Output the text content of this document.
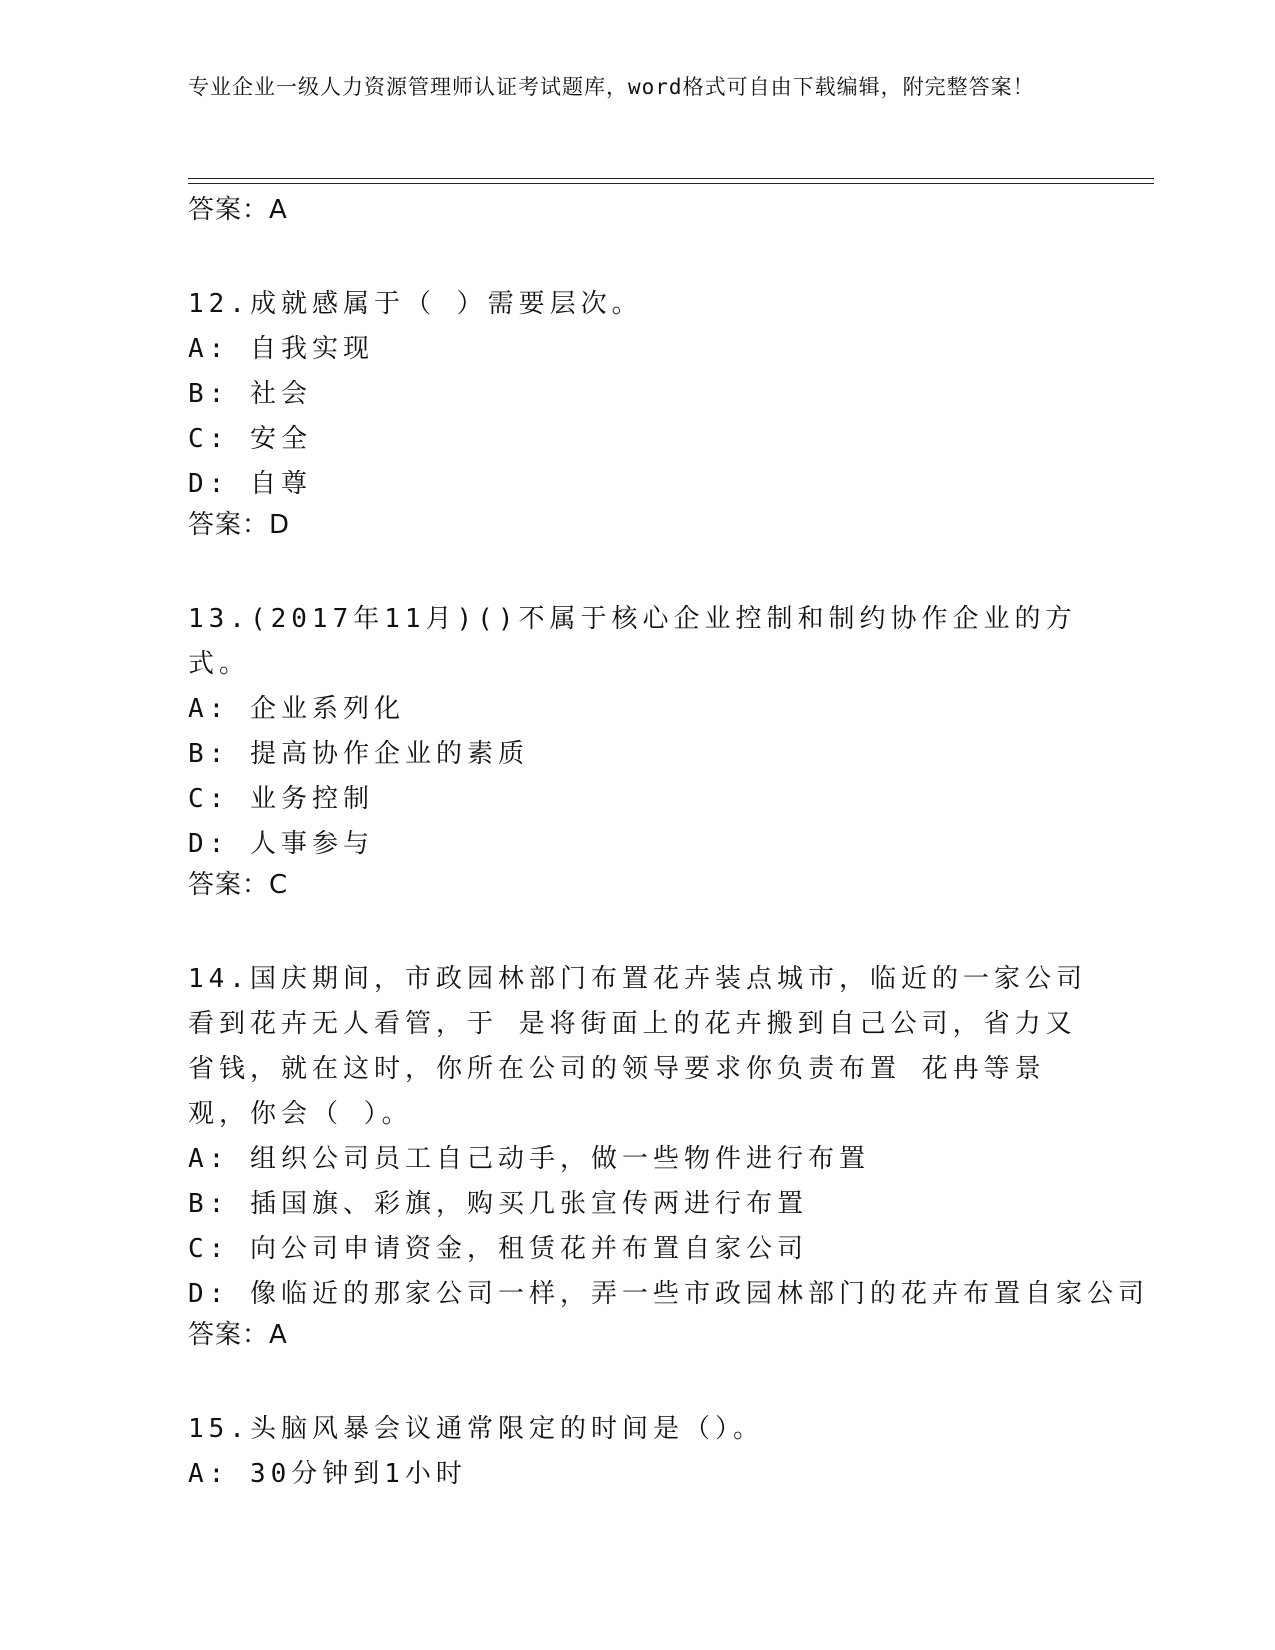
专业企业一级人力资源管理师认证考试题库，word格式可自由下载编辑，附完整答案！

答案：A

12.成就感属于（ ）需要层次。

A: 自我实现

B: 社会

C: 安全

D: 自尊

答案：D

13.(2017年11月)()不属于核心企业控制和制约协作企业的方式。

A: 企业系列化

B: 提高协作企业的素质

C: 业务控制

D: 人事参与

答案：C

14.国庆期间，市政园林部门布置花卉装点城市，临近的一家公司看到花卉无人看管，于 是将街面上的花卉搬到自己公司，省力又省钱，就在这时，你所在公司的领导要求你负责布置 花冉等景观，你会（ ）。

A: 组织公司员工自己动手，做一些物件进行布置

B: 插国旗、彩旗，购买几张宣传两进行布置

C: 向公司申请资金，租赁花并布置自家公司

D: 像临近的那家公司一样，弄一些市政园林部门的花卉布置自家公司

答案：A

15.头脑风暴会议通常限定的时间是（）。

A: 30分钟到1小时
